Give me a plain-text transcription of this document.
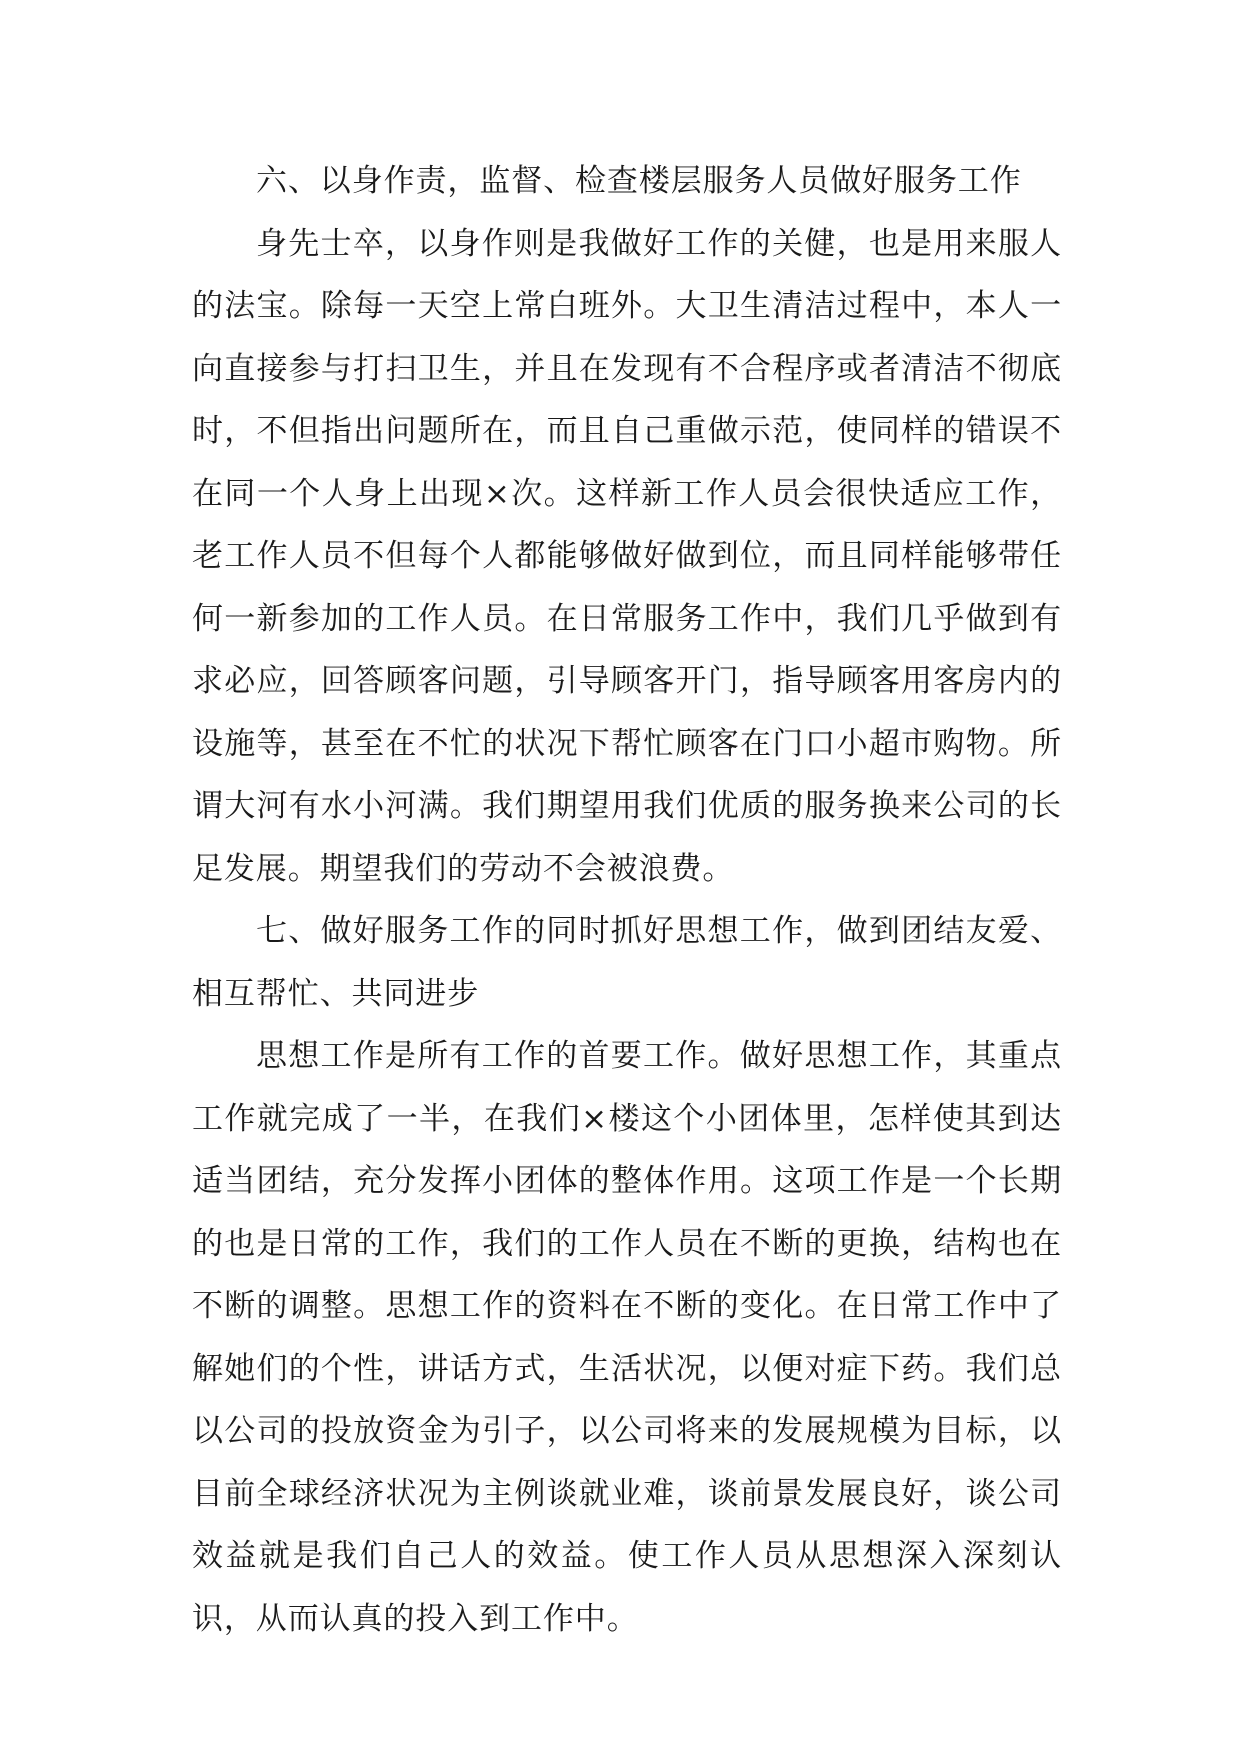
六、以身作责，监督、检查楼层服务人员做好服务工作

身先士卒，以身作则是我做好工作的关健，也是用来服人的法宝。除每一天空上常白班外。大卫生清洁过程中，本人一向直接参与打扫卫生，并且在发现有不合程序或者清洁不彻底时，不但指出问题所在，而且自己重做示范，使同样的错误不在同一个人身上出现×次。这样新工作人员会很快适应工作，老工作人员不但每个人都能够做好做到位，而且同样能够带任何一新参加的工作人员。在日常服务工作中，我们几乎做到有求必应，回答顾客问题，引导顾客开门，指导顾客用客房内的设施等，甚至在不忙的状况下帮忙顾客在门口小超市购物。所谓大河有水小河满。我们期望用我们优质的服务换来公司的长足发展。期望我们的劳动不会被浪费。

七、做好服务工作的同时抓好思想工作，做到团结友爱、相互帮忙、共同进步

思想工作是所有工作的首要工作。做好思想工作，其重点工作就完成了一半，在我们×楼这个小团体里，怎样使其到达适当团结，充分发挥小团体的整体作用。这项工作是一个长期的也是日常的工作，我们的工作人员在不断的更换，结构也在不断的调整。思想工作的资料在不断的变化。在日常工作中了解她们的个性，讲话方式，生活状况，以便对症下药。我们总以公司的投放资金为引子，以公司将来的发展规模为目标，以目前全球经济状况为主例谈就业难，谈前景发展良好，谈公司效益就是我们自己人的效益。使工作人员从思想深入深刻认识，从而认真的投入到工作中。
